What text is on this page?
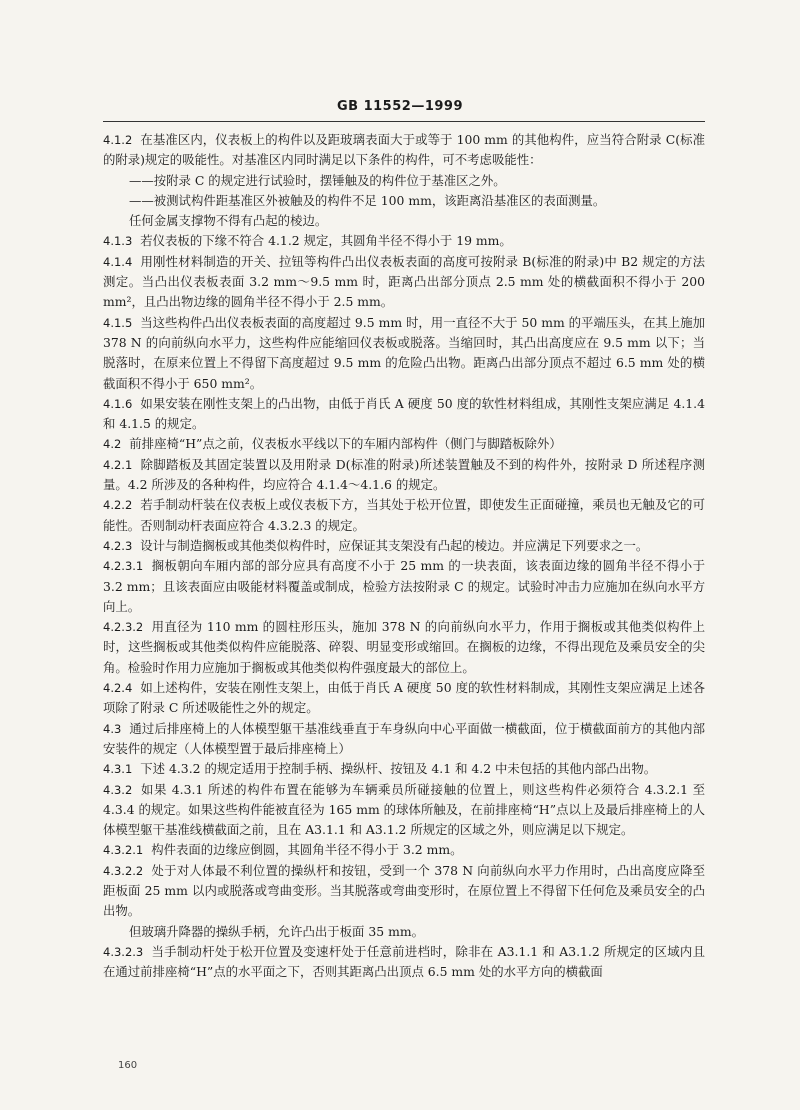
GB 11552—1999

4.1.2 在基准区内，仪表板上的构件以及距玻璃表面大于或等于 100 mm 的其他构件，应当符合附录 C(标准的附录)规定的吸能性。对基准区内同时满足以下条件的构件，可不考虑吸能性：

——按附录 C 的规定进行试验时，摆锤触及的构件位于基准区之外。

——被测试构件距基准区外被触及的构件不足 100 mm，该距离沿基准区的表面测量。

任何金属支撑物不得有凸起的棱边。

4.1.3 若仪表板的下缘不符合 4.1.2 规定，其圆角半径不得小于 19 mm。

4.1.4 用刚性材料制造的开关、拉钮等构件凸出仪表板表面的高度可按附录 B(标准的附录)中 B2 规定的方法测定。当凸出仪表板表面 3.2 mm～9.5 mm 时，距离凸出部分顶点 2.5 mm 处的横截面积不得小于 200 mm²，且凸出物边缘的圆角半径不得小于 2.5 mm。

4.1.5 当这些构件凸出仪表板表面的高度超过 9.5 mm 时，用一直径不大于 50 mm 的平端压头，在其上施加 378 N 的向前纵向水平力，这些构件应能缩回仪表板或脱落。当缩回时，其凸出高度应在 9.5 mm 以下；当脱落时，在原来位置上不得留下高度超过 9.5 mm 的危险凸出物。距离凸出部分顶点不超过 6.5 mm 处的横截面积不得小于 650 mm²。

4.1.6 如果安装在刚性支架上的凸出物，由低于肖氏 A 硬度 50 度的软性材料组成，其刚性支架应满足 4.1.4 和 4.1.5 的规定。

4.2 前排座椅“H”点之前，仪表板水平线以下的车厢内部构件（侧门与脚踏板除外）

4.2.1 除脚踏板及其固定装置以及用附录 D(标准的附录)所述装置触及不到的构件外，按附录 D 所述程序测量。4.2 所涉及的各种构件，均应符合 4.1.4～4.1.6 的规定。

4.2.2 若手制动杆装在仪表板上或仪表板下方，当其处于松开位置，即使发生正面碰撞，乘员也无触及它的可能性。否则制动杆表面应符合 4.3.2.3 的规定。

4.2.3 设计与制造搁板或其他类似构件时，应保证其支架没有凸起的棱边。并应满足下列要求之一。

4.2.3.1 搁板朝向车厢内部的部分应具有高度不小于 25 mm 的一块表面，该表面边缘的圆角半径不得小于 3.2 mm；且该表面应由吸能材料覆盖或制成，检验方法按附录 C 的规定。试验时冲击力应施加在纵向水平方向上。

4.2.3.2 用直径为 110 mm 的圆柱形压头，施加 378 N 的向前纵向水平力，作用于搁板或其他类似构件上时，这些搁板或其他类似构件应能脱落、碎裂、明显变形或缩回。在搁板的边缘，不得出现危及乘员安全的尖角。检验时作用力应施加于搁板或其他类似构件强度最大的部位上。

4.2.4 如上述构件，安装在刚性支架上，由低于肖氏 A 硬度 50 度的软性材料制成，其刚性支架应满足上述各项除了附录 C 所述吸能性之外的规定。

4.3 通过后排座椅上的人体模型躯干基准线垂直于车身纵向中心平面做一横截面，位于横截面前方的其他内部安装件的规定（人体模型置于最后排座椅上）

4.3.1 下述 4.3.2 的规定适用于控制手柄、操纵杆、按钮及 4.1 和 4.2 中未包括的其他内部凸出物。

4.3.2 如果 4.3.1 所述的构件布置在能够为车辆乘员所碰接触的位置上，则这些构件必须符合 4.3.2.1 至 4.3.4 的规定。如果这些构件能被直径为 165 mm 的球体所触及，在前排座椅“H”点以上及最后排座椅上的人体模型躯干基准线横截面之前，且在 A3.1.1 和 A3.1.2 所规定的区域之外，则应满足以下规定。

4.3.2.1 构件表面的边缘应倒圆，其圆角半径不得小于 3.2 mm。

4.3.2.2 处于对人体最不利位置的操纵杆和按钮，受到一个 378 N 向前纵向水平力作用时，凸出高度应降至距板面 25 mm 以内或脱落或弯曲变形。当其脱落或弯曲变形时，在原位置上不得留下任何危及乘员安全的凸出物。

但玻璃升降器的操纵手柄，允许凸出于板面 35 mm。

4.3.2.3 当手制动杆处于松开位置及变速杆处于任意前进档时，除非在 A3.1.1 和 A3.1.2 所规定的区域内且在通过前排座椅“H”点的水平面之下，否则其距离凸出顶点 6.5 mm 处的水平方向的横截面

160
